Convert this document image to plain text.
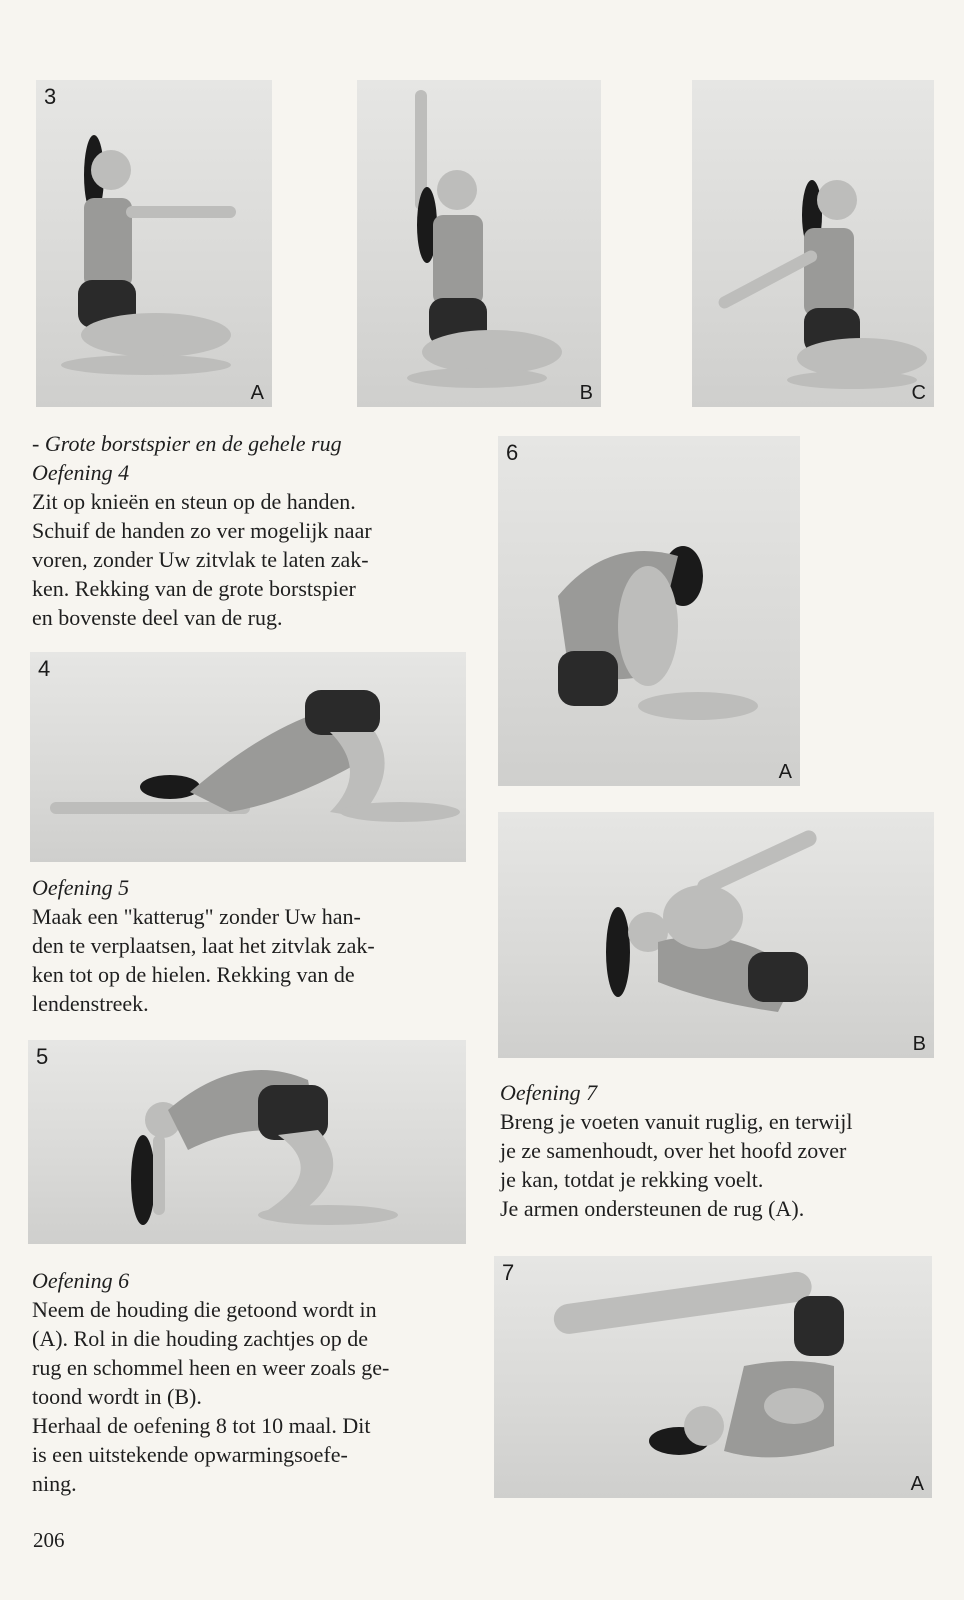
3
A	B	C

- Grote borstspier en de gehele rug

Oefening 4

Zit op knieën en steun op de handen.

Schuif de handen zo ver mogelijk naar

voren, zonder Uw zitvlak te laten zak-

ken. Rekking van de grote borstspier

en bovenste deel van de rug.

4

Oefening 5

Maak een "katterug" zonder Uw han-

den te verplaatsen, laat het zitvlak zak-

ken tot op de hielen. Rekking van de

lendenstreek.

5

Oefening 6

Neem de houding die getoond wordt in

(A). Rol in die houding zachtjes op de

rug en schommel heen en weer zoals ge-

toond wordt in (B).

Herhaal de oefening 8 tot 10 maal. Dit

is een uitstekende opwarmingsoefe-

ning.

6
A
B

Oefening 7

Breng je voeten vanuit ruglig, en terwijl

je ze samenhoudt, over het hoofd zover

je kan, totdat je rekking voelt.

Je armen ondersteunen de rug (A).

7
A
206
